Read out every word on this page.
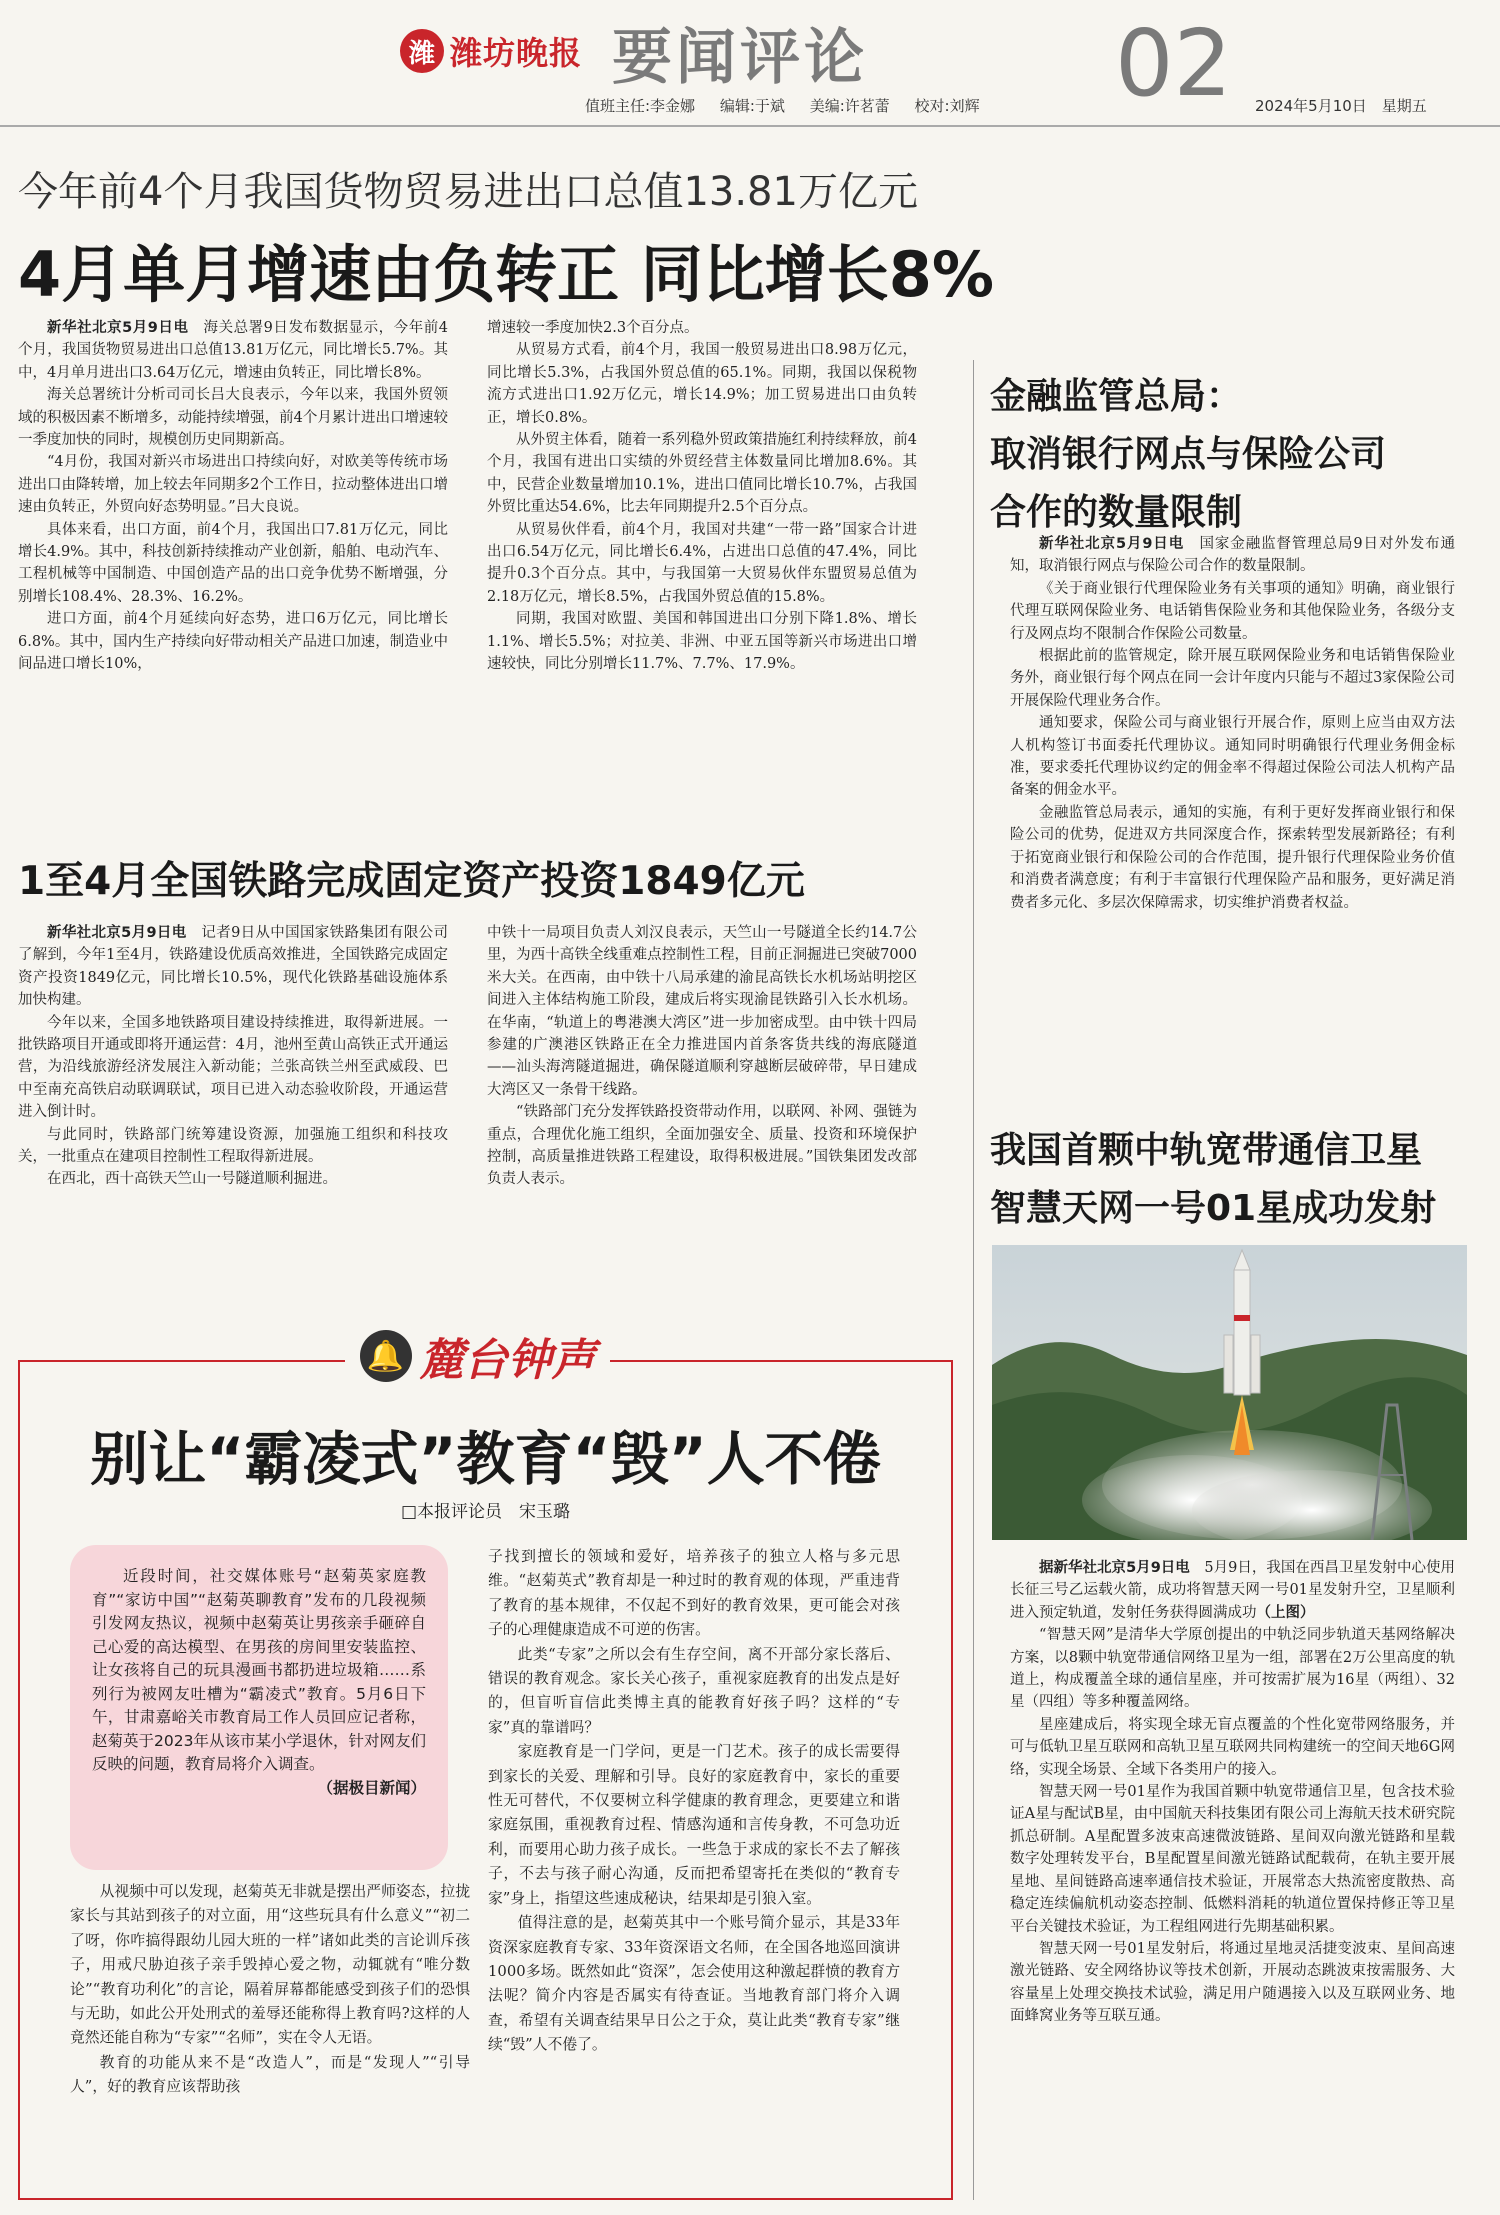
潍 潍坊晚报 要闻评论
值班主任:李金娜 编辑:于斌 美编:许茗蕾 校对:刘辉 02 2024年5月10日　星期五
今年前4个月我国货物贸易进出口总值13.81万亿元
4月单月增速由负转正 同比增长8%

新华社北京5月9日电　 海关总署9日发布数据显示，今年前4个月，我国货物贸易进出口总值13.81万亿元，同比增长5.7%。其中，4月单月进出口3.64万亿元，增速由负转正，同比增长8%。

海关总署统计分析司司长吕大良表示，今年以来，我国外贸领域的积极因素不断增多，动能持续增强，前4个月累计进出口增速较一季度加快的同时，规模创历史同期新高。

“4月份，我国对新兴市场进出口持续向好，对欧美等传统市场进出口由降转增，加上较去年同期多2个工作日，拉动整体进出口增速由负转正，外贸向好态势明显。”吕大良说。

具体来看，出口方面，前4个月，我国出口7.81万亿元，同比增长4.9%。其中，科技创新持续推动产业创新，船舶、电动汽车、工程机械等中国制造、中国创造产品的出口竞争优势不断增强，分别增长108.4%、28.3%、16.2%。

进口方面，前4个月延续向好态势，进口6万亿元，同比增长6.8%。其中，国内生产持续向好带动相关产品进口加速，制造业中间品进口增长10%，

增速较一季度加快2.3个百分点。

从贸易方式看，前4个月，我国一般贸易进出口8.98万亿元，同比增长5.3%，占我国外贸总值的65.1%。同期，我国以保税物流方式进出口1.92万亿元，增长14.9%；加工贸易进出口由负转正，增长0.8%。

从外贸主体看，随着一系列稳外贸政策措施红利持续释放，前4个月，我国有进出口实绩的外贸经营主体数量同比增加8.6%。其中，民营企业数量增加10.1%，进出口值同比增长10.7%，占我国外贸比重达54.6%，比去年同期提升2.5个百分点。

从贸易伙伴看，前4个月，我国对共建“一带一路”国家合计进出口6.54万亿元，同比增长6.4%，占进出口总值的47.4%，同比提升0.3个百分点。其中，与我国第一大贸易伙伴东盟贸易总值为2.18万亿元，增长8.5%，占我国外贸总值的15.8%。

同期，我国对欧盟、美国和韩国进出口分别下降1.8%、增长1.1%、增长5.5%；对拉美、非洲、中亚五国等新兴市场进出口增速较快，同比分别增长11.7%、7.7%、17.9%。

1至4月全国铁路完成固定资产投资1849亿元

新华社北京5月9日电　 记者9日从中国国家铁路集团有限公司了解到，今年1至4月，铁路建设优质高效推进，全国铁路完成固定资产投资1849亿元，同比增长10.5%，现代化铁路基础设施体系加快构建。

今年以来，全国多地铁路项目建设持续推进，取得新进展。一批铁路项目开通或即将开通运营：4月，池州至黄山高铁正式开通运营，为沿线旅游经济发展注入新动能；兰张高铁兰州至武威段、巴中至南充高铁启动联调联试，项目已进入动态验收阶段，开通运营进入倒计时。

与此同时，铁路部门统筹建设资源，加强施工组织和科技攻关，一批重点在建项目控制性工程取得新进展。

在西北，西十高铁天竺山一号隧道顺利掘进。

中铁十一局项目负责人刘汉良表示，天竺山一号隧道全长约14.7公里，为西十高铁全线重难点控制性工程，目前正洞掘进已突破7000米大关。在西南，由中铁十八局承建的渝昆高铁长水机场站明挖区间进入主体结构施工阶段，建成后将实现渝昆铁路引入长水机场。在华南，“轨道上的粤港澳大湾区”进一步加密成型。由中铁十四局参建的广澳港区铁路正在全力推进国内首条客货共线的海底隧道——汕头海湾隧道掘进，确保隧道顺利穿越断层破碎带，早日建成大湾区又一条骨干线路。

“铁路部门充分发挥铁路投资带动作用，以联网、补网、强链为重点，合理优化施工组织，全面加强安全、质量、投资和环境保护控制，高质量推进铁路工程建设，取得积极进展。”国铁集团发改部负责人表示。

金融监管总局：
取消银行网点与保险公司
合作的数量限制

新华社北京5月9日电　 国家金融监督管理总局9日对外发布通知，取消银行网点与保险公司合作的数量限制。

《关于商业银行代理保险业务有关事项的通知》明确，商业银行代理互联网保险业务、电话销售保险业务和其他保险业务，各级分支行及网点均不限制合作保险公司数量。

根据此前的监管规定，除开展互联网保险业务和电话销售保险业务外，商业银行每个网点在同一会计年度内只能与不超过3家保险公司开展保险代理业务合作。

通知要求，保险公司与商业银行开展合作，原则上应当由双方法人机构签订书面委托代理协议。通知同时明确银行代理业务佣金标准，要求委托代理协议约定的佣金率不得超过保险公司法人机构产品备案的佣金水平。

金融监管总局表示，通知的实施，有利于更好发挥商业银行和保险公司的优势，促进双方共同深度合作，探索转型发展新路径；有利于拓宽商业银行和保险公司的合作范围，提升银行代理保险业务价值和消费者满意度；有利于丰富银行代理保险产品和服务，更好满足消费者多元化、多层次保障需求，切实维护消费者权益。

我国首颗中轨宽带通信卫星
智慧天网一号01星成功发射

据新华社北京5月9日电　 5月9日，我国在西昌卫星发射中心使用长征三号乙运载火箭，成功将智慧天网一号01星发射升空，卫星顺利进入预定轨道，发射任务获得圆满成功（上图）

“智慧天网”是清华大学原创提出的中轨泛同步轨道天基网络解决方案，以8颗中轨宽带通信网络卫星为一组，部署在2万公里高度的轨道上，构成覆盖全球的通信星座，并可按需扩展为16星（两组）、32星（四组）等多种覆盖网络。

星座建成后，将实现全球无盲点覆盖的个性化宽带网络服务，并可与低轨卫星互联网和高轨卫星互联网共同构建统一的空间天地6G网络，实现全场景、全域下各类用户的接入。

智慧天网一号01星作为我国首颗中轨宽带通信卫星，包含技术验证A星与配试B星，由中国航天科技集团有限公司上海航天技术研究院抓总研制。A星配置多波束高速微波链路、星间双向激光链路和星载数字处理转发平台，B星配置星间激光链路试配载荷，在轨主要开展星地、星间链路高速率通信技术验证，开展常态大热流密度散热、高稳定连续偏航机动姿态控制、低燃料消耗的轨道位置保持修正等卫星平台关键技术验证，为工程组网进行先期基础积累。

智慧天网一号01星发射后，将通过星地灵活捷变波束、星间高速激光链路、安全网络协议等技术创新，开展动态跳波束按需服务、大容量星上处理交换技术试验，满足用户随遇接入以及互联网业务、地面蜂窝业务等互联互通。

🔔 麓台钟声
别让“霸凌式”教育“毁”人不倦
□本报评论员　宋玉璐

近段时间，社交媒体账号“赵菊英家庭教育”“家访中国”“赵菊英聊教育”发布的几段视频引发网友热议，视频中赵菊英让男孩亲手砸碎自己心爱的高达模型、在男孩的房间里安装监控、让女孩将自己的玩具漫画书都扔进垃圾箱……系列行为被网友吐槽为“霸凌式”教育。5月6日下午，甘肃嘉峪关市教育局工作人员回应记者称，赵菊英于2023年从该市某小学退休，针对网友们反映的问题，教育局将介入调查。
（据极目新闻）

从视频中可以发现，赵菊英无非就是摆出严师姿态，拉拢家长与其站到孩子的对立面，用“这些玩具有什么意义”“初二了呀，你咋搞得跟幼儿园大班的一样”诸如此类的言论训斥孩子，用戒尺胁迫孩子亲手毁掉心爱之物，动辄就有“唯分数论”“教育功利化”的言论，隔着屏幕都能感受到孩子们的恐惧与无助，如此公开处刑式的羞辱还能称得上教育吗?这样的人竟然还能自称为“专家”“名师”，实在令人无语。

教育的功能从来不是“改造人”，而是“发现人”“引导人”，好的教育应该帮助孩

子找到擅长的领域和爱好，培养孩子的独立人格与多元思维。“赵菊英式”教育却是一种过时的教育观的体现，严重违背了教育的基本规律，不仅起不到好的教育效果，更可能会对孩子的心理健康造成不可逆的伤害。

此类“专家”之所以会有生存空间，离不开部分家长落后、错误的教育观念。家长关心孩子，重视家庭教育的出发点是好的，但盲听盲信此类博主真的能教育好孩子吗？这样的“专家”真的靠谱吗？

家庭教育是一门学问，更是一门艺术。孩子的成长需要得到家长的关爱、理解和引导。良好的家庭教育中，家长的重要性无可替代，不仅要树立科学健康的教育理念，更要建立和谐家庭氛围，重视教育过程、情感沟通和言传身教，不可急功近利，而要用心助力孩子成长。一些急于求成的家长不去了解孩子，不去与孩子耐心沟通，反而把希望寄托在类似的“教育专家”身上，指望这些速成秘诀，结果却是引狼入室。

值得注意的是，赵菊英其中一个账号简介显示，其是33年资深家庭教育专家、33年资深语文名师，在全国各地巡回演讲1000多场。既然如此“资深”，怎会使用这种激起群愤的教育方法呢？简介内容是否属实有待查证。当地教育部门将介入调查，希望有关调查结果早日公之于众，莫让此类“教育专家”继续“毁”人不倦了。
